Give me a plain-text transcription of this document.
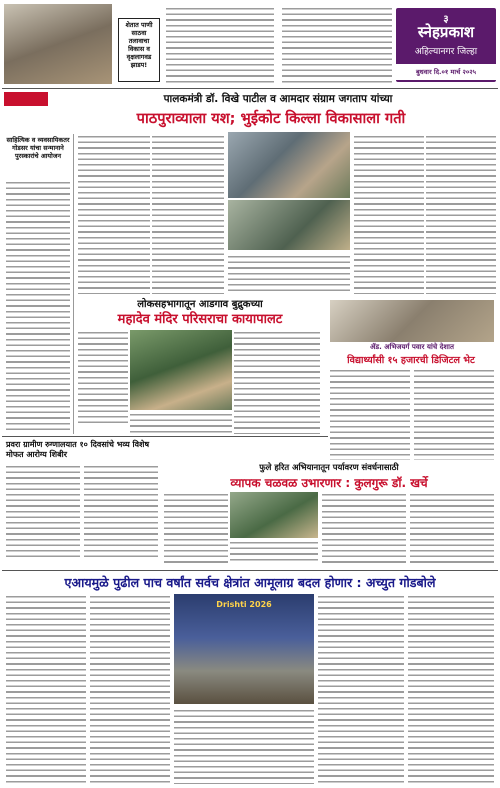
शेतात पाणी साठवा तलावाचा विकास व वृक्षलागवड झाडप!
३
स्नेहप्रकाश
अहिल्यानगर जिल्हा
बुधवार दि.०१ मार्च २०२५
पालकमंत्री डॉ. विखे पाटील व आमदार संग्राम जगताप यांच्या
पाठपुराव्याला यश; भुईकोट किल्ला विकासाला गती
साहित्यिक व व्यवसायिकतर गोडसर यांचा सन्मानाने पुरस्कारांचे आयोजन
लोकसहभागातून आडगाव बुद्रुकच्या
महादेव मंदिर परिसराचा कायापालट
ॲड. अभिजयर्ग पवार यांचे देशात
विद्यार्थ्यांसी १५ हजारची डिजिटल भेट
प्रवरा ग्रामीण रुग्णालयात १० दिवसांचे भव्य विशेष मोफत आरोग्य शिबीर
फुले हरित अभियानातून पर्यावरण संवर्धनासाठी
व्यापक चळवळ उभारणार : कुलगुरू डॉ. खर्चे
एआयमुळे पुढील पाच वर्षांत सर्वच क्षेत्रांत आमूलाग्र बदल होणार : अच्युत गोडबोले
Drishti 2026
